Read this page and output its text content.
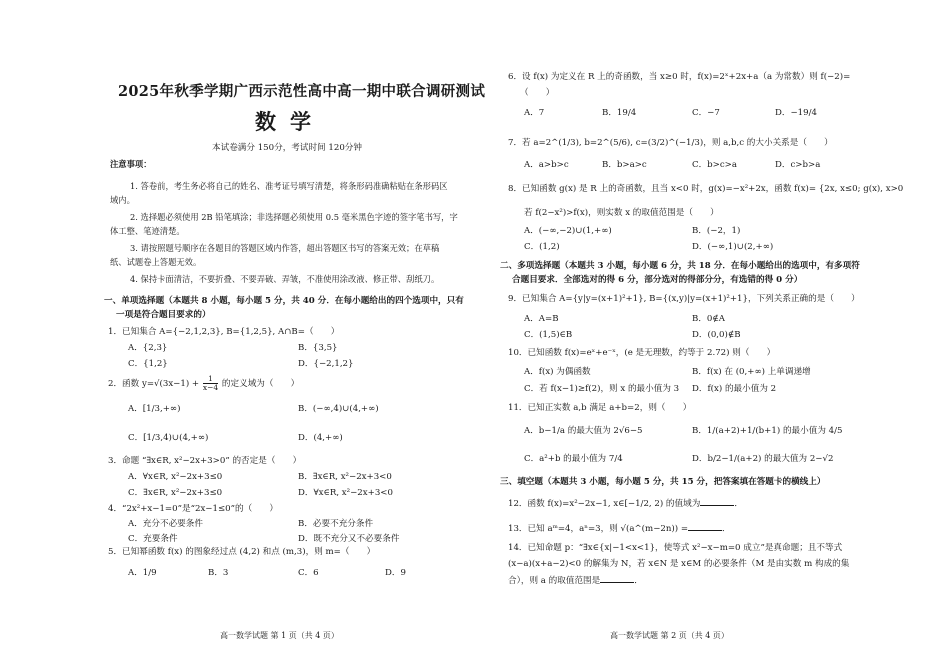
2025年秋季学期广西示范性高中高一期中联合调研测试
数学
本试卷满分 150分，考试时间 120分钟
注意事项：
1. 答卷前，考生务必将自己的姓名、准考证号填写清楚，将条形码准确粘贴在条形码区
域内。
2. 选择题必须使用 2B 铅笔填涂；非选择题必须使用 0.5 毫米黑色字迹的签字笔书写，字
体工整、笔迹清楚。
3. 请按照题号顺序在各题目的答题区域内作答，超出答题区书写的答案无效；在草稿
纸、试题卷上答题无效。
4. 保持卡面清洁，不要折叠、不要弄破、弄皱，不准使用涂改液、修正带、刮纸刀。
一、单项选择题（本题共 8 小题，每小题 5 分，共 40 分．在每小题给出的四个选项中，只有
一项是符合题目要求的）
1．已知集合 A={−2,1,2,3}, B={1,2,5}, A∩B=（　　）
A．{2,3}	B．{3,5}
C．{1,2}	D．{−2,1,2}
2．函数 $y=√(3x-1) + \frac{1}{x-4}$ 的定义域为（　　）
A．[1/3,+∞)	B．(−∞,4)∪(4,+∞)
C．[1/3,4)∪(4,+∞)	D．(4,+∞)
3．命题 “∃x∈R, x²−2x+3>0” 的否定是（　　）
A．∀x∈R, x²−2x+3≤0	B．∃x∈R, x²−2x+3<0
C．∃x∈R, x²−2x+3≤0	D．∀x∈R, x²−2x+3<0
4．“2x²+x−1=0”是“2x−1≤0”的（　　）
A．充分不必要条件	B．必要不充分条件
C．充要条件	D．既不充分又不必要条件
5．已知幂函数 f(x) 的图象经过点 (4,2) 和点 (m,3)，则 m=（　　）
A．1/9	B．3	C．6	D．9
高一数学试题 第 1 页（共 4 页）
6．设 f(x) 为定义在 R 上的奇函数，当 x≥0 时，f(x)=2ˣ+2x+a（a 为常数）则 f(−2)=
（　　）
A．7	B．19/4	C．−7	D．−19/4
7．若 a=2^(1/3), b=2^(5/6), c=(3/2)^(−1/3)，则 a,b,c 的大小关系是（　　）
A．a>b>c	B．b>a>c	C．b>c>a	D．c>b>a
8．已知函数 g(x) 是 R 上的奇函数，且当 x<0 时，g(x)=−x²+2x，函数 f(x)= {2x, x≤0; g(x), x>0
若 f(2−x²)>f(x)，则实数 x 的取值范围是（　　）
A．(−∞,−2)∪(1,+∞)	B．(−2，1)
C．(1,2)	D．(−∞,1)∪(2,+∞)
二、多项选择题（本题共 3 小题，每小题 6 分，共 18 分．在每小题给出的选项中，有多项符
合题目要求．全部选对的得 6 分，部分选对的得部分分，有选错的得 0 分）
9．已知集合 A={y|y=(x+1)²+1}, B={(x,y)|y=(x+1)²+1}，下列关系正确的是（　　）
A．A=B	B．0∉A
C．(1,5)∈B	D．(0,0)∉B
10．已知函数 f(x)=eˣ+e⁻ˣ，(e 是无理数，约等于 2.72) 则（　　）
A．f(x) 为偶函数	B．f(x) 在 (0,+∞) 上单调递增
C．若 f(x−1)≥f(2)，则 x 的最小值为 3 D．f(x) 的最小值为 2
11．已知正实数 a,b 满足 a+b=2，则（　　）
A．b−1/a 的最大值为 2√6−5	B．1/(a+2)+1/(b+1) 的最小值为 4/5
C．a²+b 的最小值为 7/4	D．b/2−1/(a+2) 的最大值为 2−√2
三、填空题（本题共 3 小题，每小题 5 分，共 15 分，把答案填在答题卡的横线上）
12．函数 f(x)=x²−2x−1, x∈[−1/2, 2) 的值域为	．
13．已知 aᵐ=4，aⁿ=3，则 √(a^(m−2n)) =	．
14．已知命题 p：“∃x∈{x|−1<x<1}，使等式 x²−x−m=0 成立”是真命题；且不等式
(x−a)(x+a−2)<0 的解集为 N，若 x∈N 是 x∈M 的必要条件（M 是由实数 m 构成的集
合），则 a 的取值范围是	．
高一数学试题 第 2 页（共 4 页）
